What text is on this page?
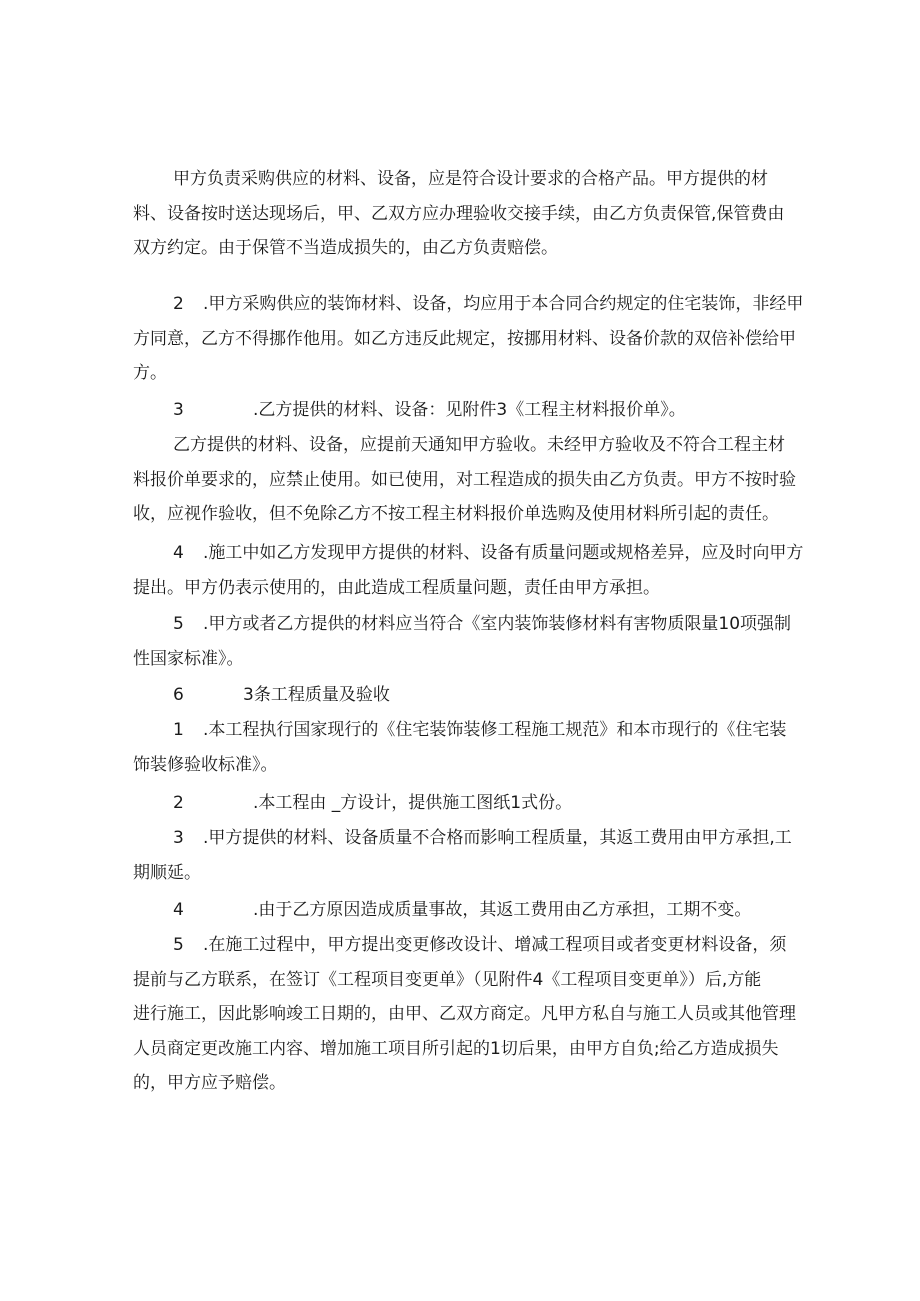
甲方负责采购供应的材料、设备，应是符合设计要求的合格产品。甲方提供的材
料、设备按时送达现场后，甲、乙双方应办理验收交接手续，由乙方负责保管,保管费由
双方约定。由于保管不当造成损失的，由乙方负责赔偿。
2 .甲方采购供应的装饰材料、设备，均应用于本合同合约规定的住宅装饰，非经甲
方同意，乙方不得挪作他用。如乙方违反此规定，按挪用材料、设备价款的双倍补偿给甲
方。
3	.乙方提供的材料、设备：见附件3《工程主材料报价单》。
乙方提供的材料、设备，应提前天通知甲方验收。未经甲方验收及不符合工程主材
料报价单要求的，应禁止使用。如已使用，对工程造成的损失由乙方负责。甲方不按时验
收，应视作验收，但不免除乙方不按工程主材料报价单选购及使用材料所引起的责任。
4 .施工中如乙方发现甲方提供的材料、设备有质量问题或规格差异，应及时向甲方
提出。甲方仍表示使用的，由此造成工程质量问题，责任由甲方承担。
5 .甲方或者乙方提供的材料应当符合《室内装饰装修材料有害物质限量10项强制
性国家标准》。
6	3条工程质量及验收
1 .本工程执行国家现行的《住宅装饰装修工程施工规范》和本市现行的《住宅装
饰装修验收标准》。
2	.本工程由 _方设计，提供施工图纸1式份。
3 .甲方提供的材料、设备质量不合格而影响工程质量，其返工费用由甲方承担,工
期顺延。
4	.由于乙方原因造成质量事故，其返工费用由乙方承担，工期不变。
5 .在施工过程中，甲方提出变更修改设计、增减工程项目或者变更材料设备，须
提前与乙方联系，在签订《工程项目变更单》（见附件4《工程项目变更单》）后,方能
进行施工，因此影响竣工日期的，由甲、乙双方商定。凡甲方私自与施工人员或其他管理
人员商定更改施工内容、增加施工项目所引起的1切后果，由甲方自负;给乙方造成损失
的，甲方应予赔偿。
